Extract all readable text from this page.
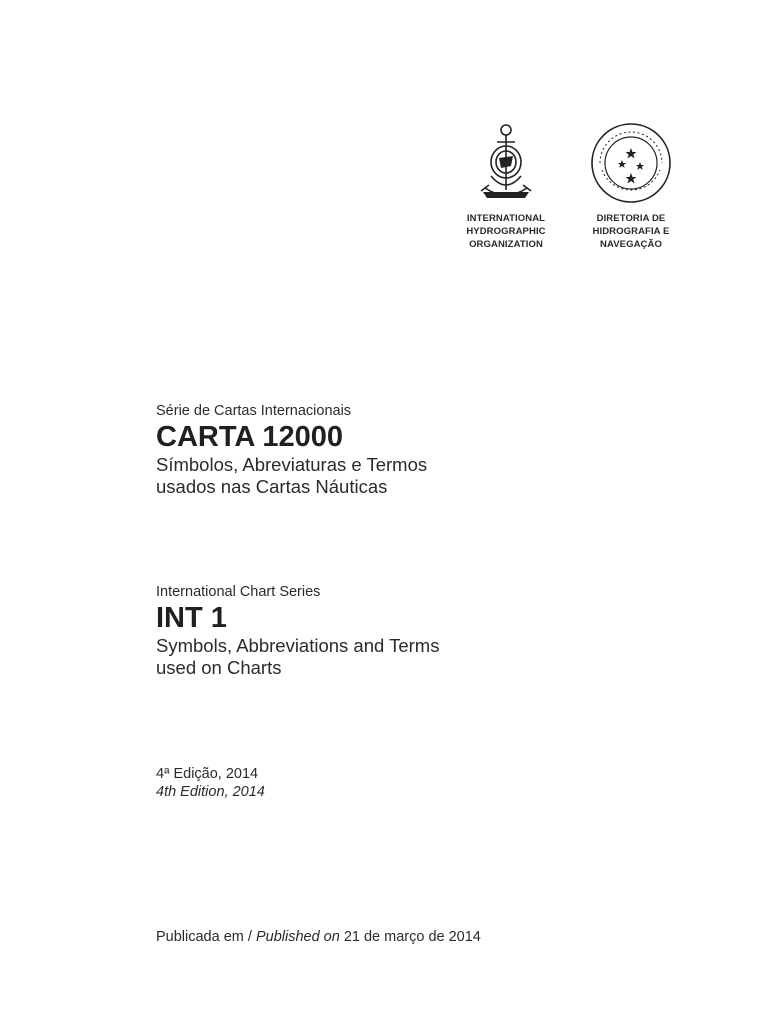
INTERNATIONAL
HYDROGRAPHIC
ORGANIZATION
DIRETORIA DE
HIDROGRAFIA E
NAVEGAÇÃO
Série de Cartas Internacionais
CARTA 12000
Símbolos, Abreviaturas e Termos
usados nas Cartas Náuticas
International Chart Series
INT 1
Symbols, Abbreviations and Terms
used on Charts
4ª Edição, 2014
4th Edition, 2014
Publicada em / Published on 21 de março de 2014
